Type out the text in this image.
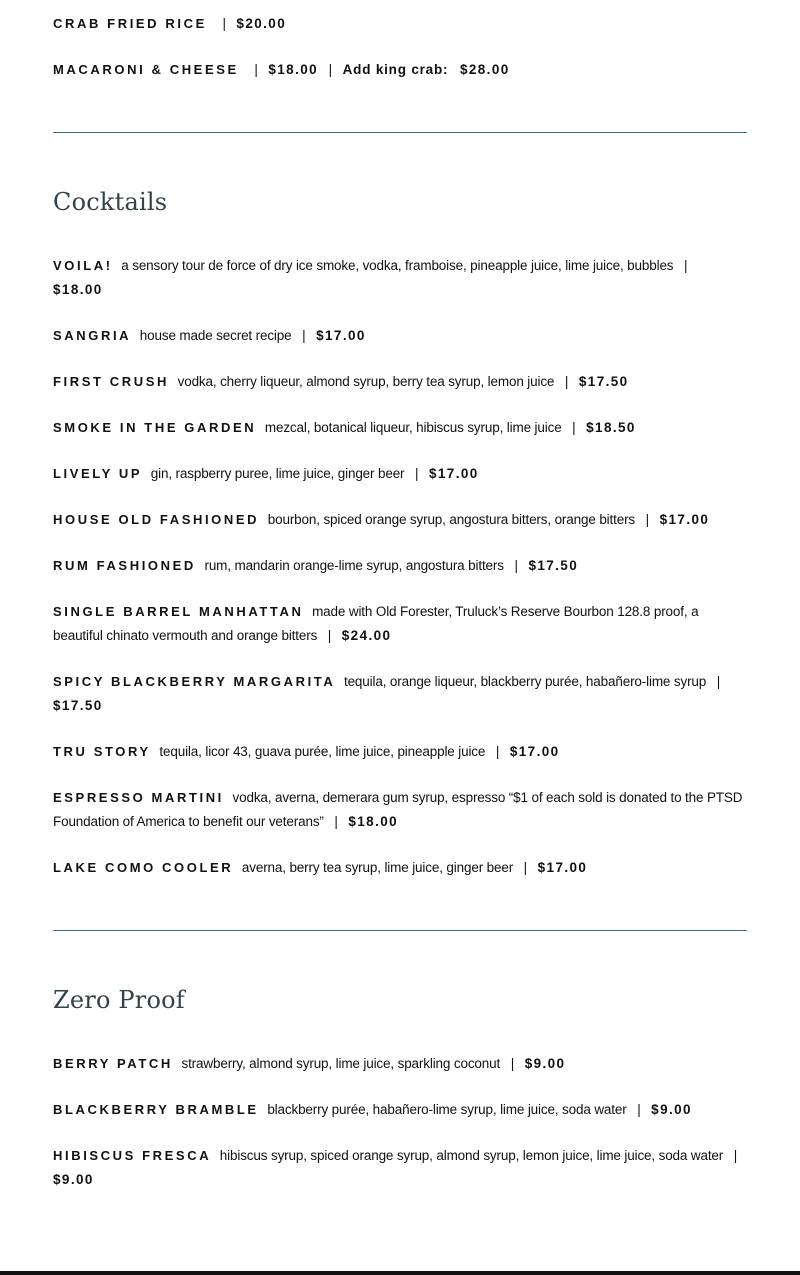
CRAB FRIED RICE | $20.00
MACARONI & CHEESE | $18.00 | Add king crab: $28.00
Cocktails
VOILA! a sensory tour de force of dry ice smoke, vodka, framboise, pineapple juice, lime juice, bubbles | $18.00
SANGRIA house made secret recipe | $17.00
FIRST CRUSH vodka, cherry liqueur, almond syrup, berry tea syrup, lemon juice | $17.50
SMOKE IN THE GARDEN mezcal, botanical liqueur, hibiscus syrup, lime juice | $18.50
LIVELY UP gin, raspberry puree, lime juice, ginger beer | $17.00
HOUSE OLD FASHIONED bourbon, spiced orange syrup, angostura bitters, orange bitters | $17.00
RUM FASHIONED rum, mandarin orange-lime syrup, angostura bitters | $17.50
SINGLE BARREL MANHATTAN made with Old Forester, Truluck’s Reserve Bourbon 128.8 proof, a beautiful chinato vermouth and orange bitters | $24.00
SPICY BLACKBERRY MARGARITA tequila, orange liqueur, blackberry purée, habañero-lime syrup | $17.50
TRU STORY tequila, licor 43, guava purée, lime juice, pineapple juice | $17.00
ESPRESSO MARTINI vodka, averna, demerara gum syrup, espresso “$1 of each sold is donated to the PTSD Foundation of America to benefit our veterans” | $18.00
LAKE COMO COOLER averna, berry tea syrup, lime juice, ginger beer | $17.00
Zero Proof
BERRY PATCH strawberry, almond syrup, lime juice, sparkling coconut | $9.00
BLACKBERRY BRAMBLE blackberry purée, habañero-lime syrup, lime juice, soda water | $9.00
HIBISCUS FRESCA hibiscus syrup, spiced orange syrup, almond syrup, lemon juice, lime juice, soda water | $9.00
